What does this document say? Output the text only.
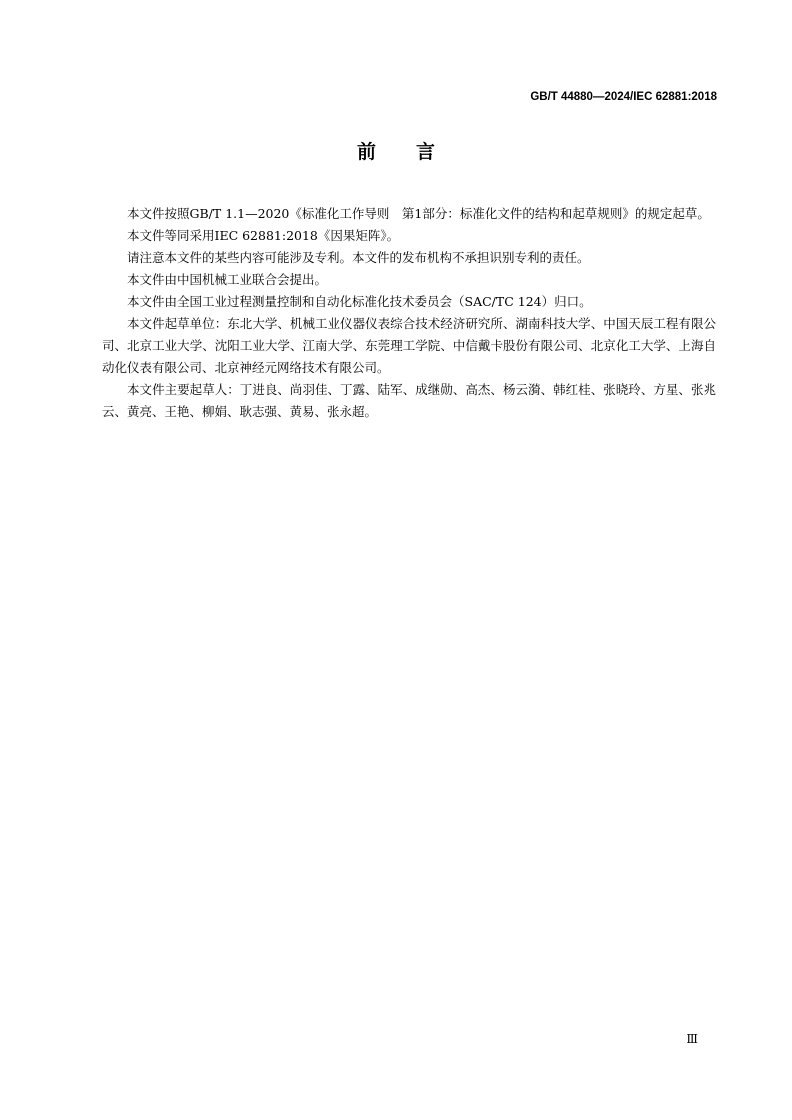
GB/T 44880—2024/IEC 62881:2018
前 言

本文件按照GB/T 1.1—2020《标准化工作导则　第1部分：标准化文件的结构和起草规则》的规定起草。

本文件等同采用IEC 62881:2018《因果矩阵》。

请注意本文件的某些内容可能涉及专利。本文件的发布机构不承担识别专利的责任。

本文件由中国机械工业联合会提出。

本文件由全国工业过程测量控制和自动化标准化技术委员会（SAC/TC 124）归口。

本文件起草单位：东北大学、机械工业仪器仪表综合技术经济研究所、湖南科技大学、中国天辰工程有限公司、北京工业大学、沈阳工业大学、江南大学、东莞理工学院、中信戴卡股份有限公司、北京化工大学、上海自动化仪表有限公司、北京神经元网络技术有限公司。

本文件主要起草人：丁进良、尚羽佳、丁露、陆军、成继勋、高杰、杨云漪、韩红桂、张晓玲、方星、张兆云、黄亮、王艳、柳娟、耿志强、黄易、张永超。

Ⅲ
